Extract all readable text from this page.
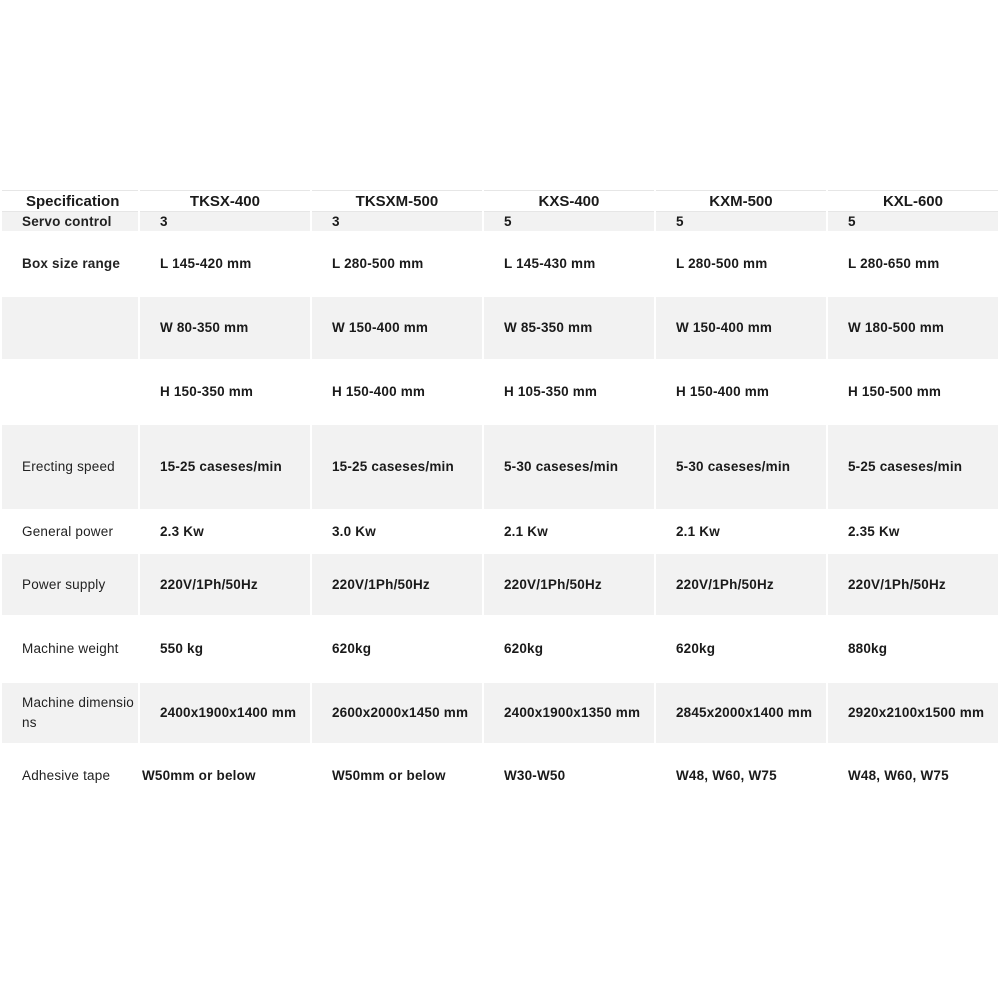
Specification	TKSX-400	TKSXM-500	KXS-400	KXM-500	KXL-600
Servo control	3	3	5	5	5
Box size range	L 145-420 mm	L 280-500 mm	L 145-430 mm	L 280-500 mm	L 280-650 mm
	W 80-350 mm	W 150-400 mm	W 85-350 mm	W 150-400 mm	W 180-500 mm
	H 150-350 mm	H 150-400 mm	H 105-350 mm	H 150-400 mm	H 150-500 mm
Erecting speed	15-25 caseses/min	15-25 caseses/min	5-30 caseses/min	5-30 caseses/min	5-25 caseses/min
General power	2.3 Kw	3.0 Kw	2.1 Kw	2.1 Kw	2.35 Kw
Power supply	220V/1Ph/50Hz	220V/1Ph/50Hz	220V/1Ph/50Hz	220V/1Ph/50Hz	220V/1Ph/50Hz
Machine weight	550 kg	620kg	620kg	620kg	880kg
Machine dimensions	2400x1900x1400 mm	2600x2000x1450 mm	2400x1900x1350 mm	2845x2000x1400 mm	2920x2100x1500 mm
Adhesive tape	W50mm or below	W50mm or below	W30-W50	W48, W60, W75	W48, W60, W75
